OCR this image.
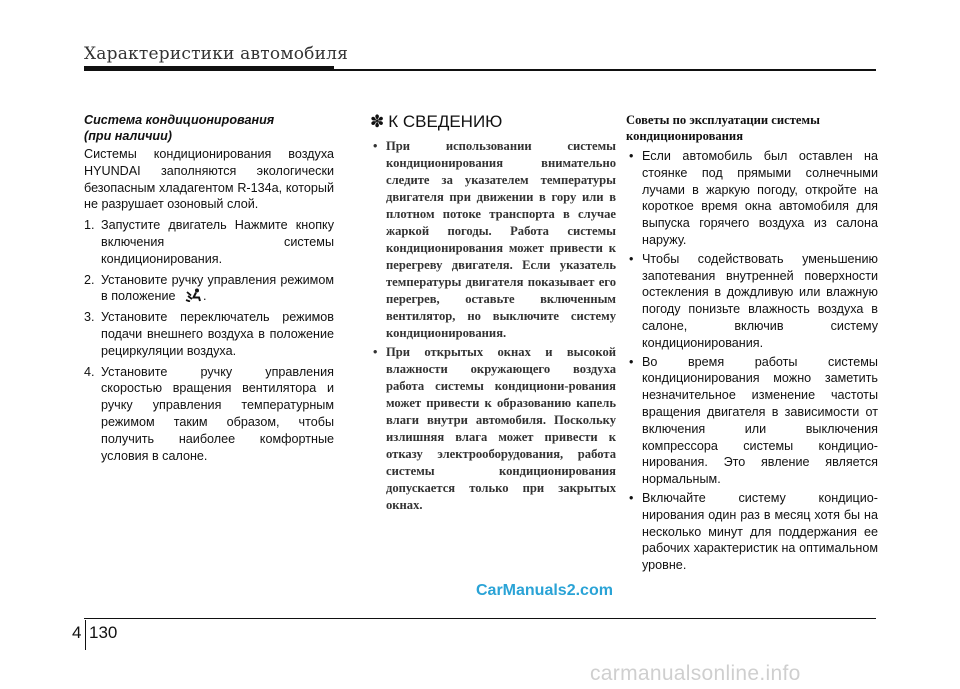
Характеристики автомобиля
Система кондиционирования
(при наличии)

Системы кондиционирования воздуха HYUNDAI заполняются экологически безопасным хладагентом R-134a, который не разрушает озоновый слой.

1. Запустите двигатель Нажмите кнопку включения системы кондиционирования.
2. Установите ручку управления режимом в положение .
3. Установите переключатель режимов подачи внешнего воздуха в положение рециркуляции воздуха.
4. Установите ручку управления скоростью вращения вентилятора и ручку управления температурным режимом таким образом, чтобы получить наиболее комфортные условия в салоне.
✽ К СВЕДЕНИЮ
• При использовании системы кондиционирования внимательно следите за указателем температуры двигателя при движении в гору или в плотном потоке транспорта в случае жаркой погоды. Работа системы кондиционирования может привести к перегреву двигателя. Если указатель температуры двигателя показывает его перегрев, оставьте включенным вентилятор, но выключите систему кондиционирования.
• При открытых окнах и высокой влажности окружающего воздуха работа системы кондициони-рования может привести к образованию капель влаги внутри автомобиля. Поскольку излишняя влага может привести к отказу электрооборудования, работа системы кондиционирования допускается только при закрытых окнах.
Советы по эксплуатации системы кондиционирования
• Если автомобиль был оставлен на стоянке под прямыми солнечными лучами в жаркую погоду, откройте на короткое время окна автомобиля для выпуска горячего воздуха из салона наружу.
• Чтобы содействовать уменьшению запотевания внутренней поверхности остекления в дождливую или влажную погоду понизьте влажность воздуха в салоне, включив систему кондиционирования.
• Во время работы системы кондиционирования можно заметить незначительное изменение частоты вращения двигателя в зависимости от включения или выключения компрессора системы кондицио-нирования. Это явление является нормальным.
• Включайте систему кондицио-нирования один раз в месяц хотя бы на несколько минут для поддержания ее рабочих характеристик на оптимальном уровне.
CarManuals2.com
4 130
carmanualsonline.info
